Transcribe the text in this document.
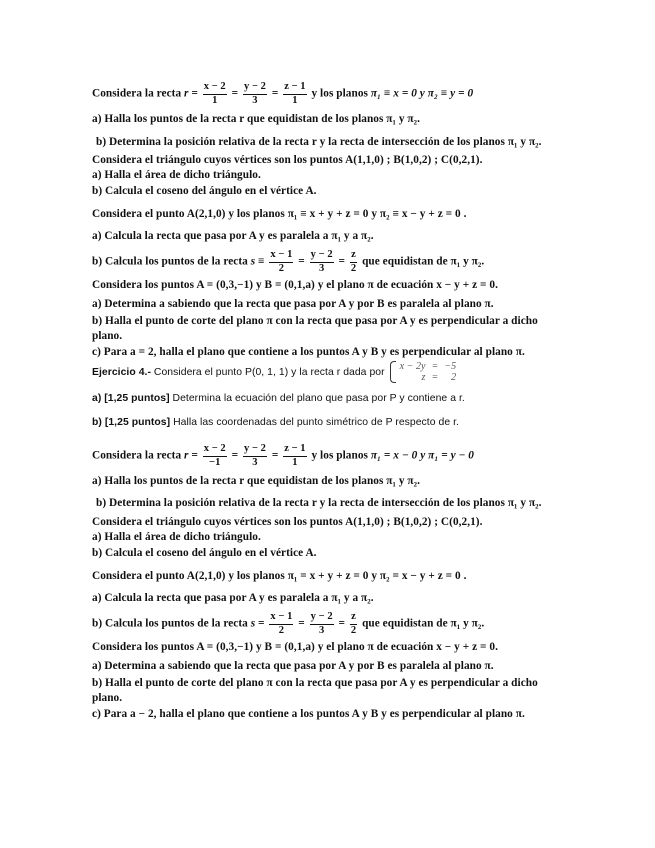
Considera la recta $r = \frac{x - 2}{1} = \frac{y - 2}{3} = \frac{z - 1}{1}$ y los planos π₁ ≡ x = 0 y π₂ ≡ y = 0
a) Halla los puntos de la recta r que equidistan de los planos π₁ y π₂.
b) Determina la posición relativa de la recta r y la recta de intersección de los planos π₁ y π₂.
Considera el triángulo cuyos vértices son los puntos A(1,1,0) ; B(1,0,2) ; C(0,2,1).
a) Halla el área de dicho triángulo.
b) Calcula el coseno del ángulo en el vértice A.
Considera el punto A(2,1,0) y los planos π₁ ≡ x + y + z = 0 y π₂ ≡ x − y + z = 0 .
a) Calcula la recta que pasa por A y es paralela a π₁ y a π₂.
b) Calcula los puntos de la recta $s \equiv \frac{x - 1}{2} = \frac{y - 2}{3} = \frac{z}{2}$ que equidistan de π₁ y π₂.
Considera los puntos A = (0,3,−1) y B = (0,1,a) y el plano π de ecuación x − y + z = 0.
a) Determina a sabiendo que la recta que pasa por A y por B es paralela al plano π.
b) Halla el punto de corte del plano π con la recta que pasa por A y es perpendicular a dicho
plano.
c) Para a = 2, halla el plano que contiene a los puntos A y B y es perpendicular al plano π.
Ejercicio 4.- Considera el punto P(0, 1, 1) y la recta r dada por
x − 2y	=	−5
z	=	2
a) [1,25 puntos] Determina la ecuación del plano que pasa por P y contiene a r.
b) [1,25 puntos] Halla las coordenadas del punto simétrico de P respecto de r.
Considera la recta $r = \frac{x - 2}{-1} = \frac{y - 2}{3} = \frac{z - 1}{1}$ y los planos π₁ = x − 0 y π₁ = y − 0
a) Halla los puntos de la recta r que equidistan de los planos π₁ y π₂.
b) Determina la posición relativa de la recta r y la recta de intersección de los planos π₁ y π₂.
Considera el triángulo cuyos vértices son los puntos A(1,1,0) ; B(1,0,2) ; C(0,2,1).
a) Halla el área de dicho triángulo.
b) Calcula el coseno del ángulo en el vértice A.
Considera el punto A(2,1,0) y los planos π₁ = x + y + z = 0 y π₂ = x − y + z = 0 .
a) Calcula la recta que pasa por A y es paralela a π₁ y a π₂.
b) Calcula los puntos de la recta $s = \frac{x - 1}{2} = \frac{y - 2}{3} = \frac{z}{2}$ que equidistan de π₁ y π₂.
Considera los puntos A = (0,3,−1) y B = (0,1,a) y el plano π de ecuación x − y + z = 0.
a) Determina a sabiendo que la recta que pasa por A y por B es paralela al plano π.
b) Halla el punto de corte del plano π con la recta que pasa por A y es perpendicular a dicho
plano.
c) Para a − 2, halla el plano que contiene a los puntos A y B y es perpendicular al plano π.
